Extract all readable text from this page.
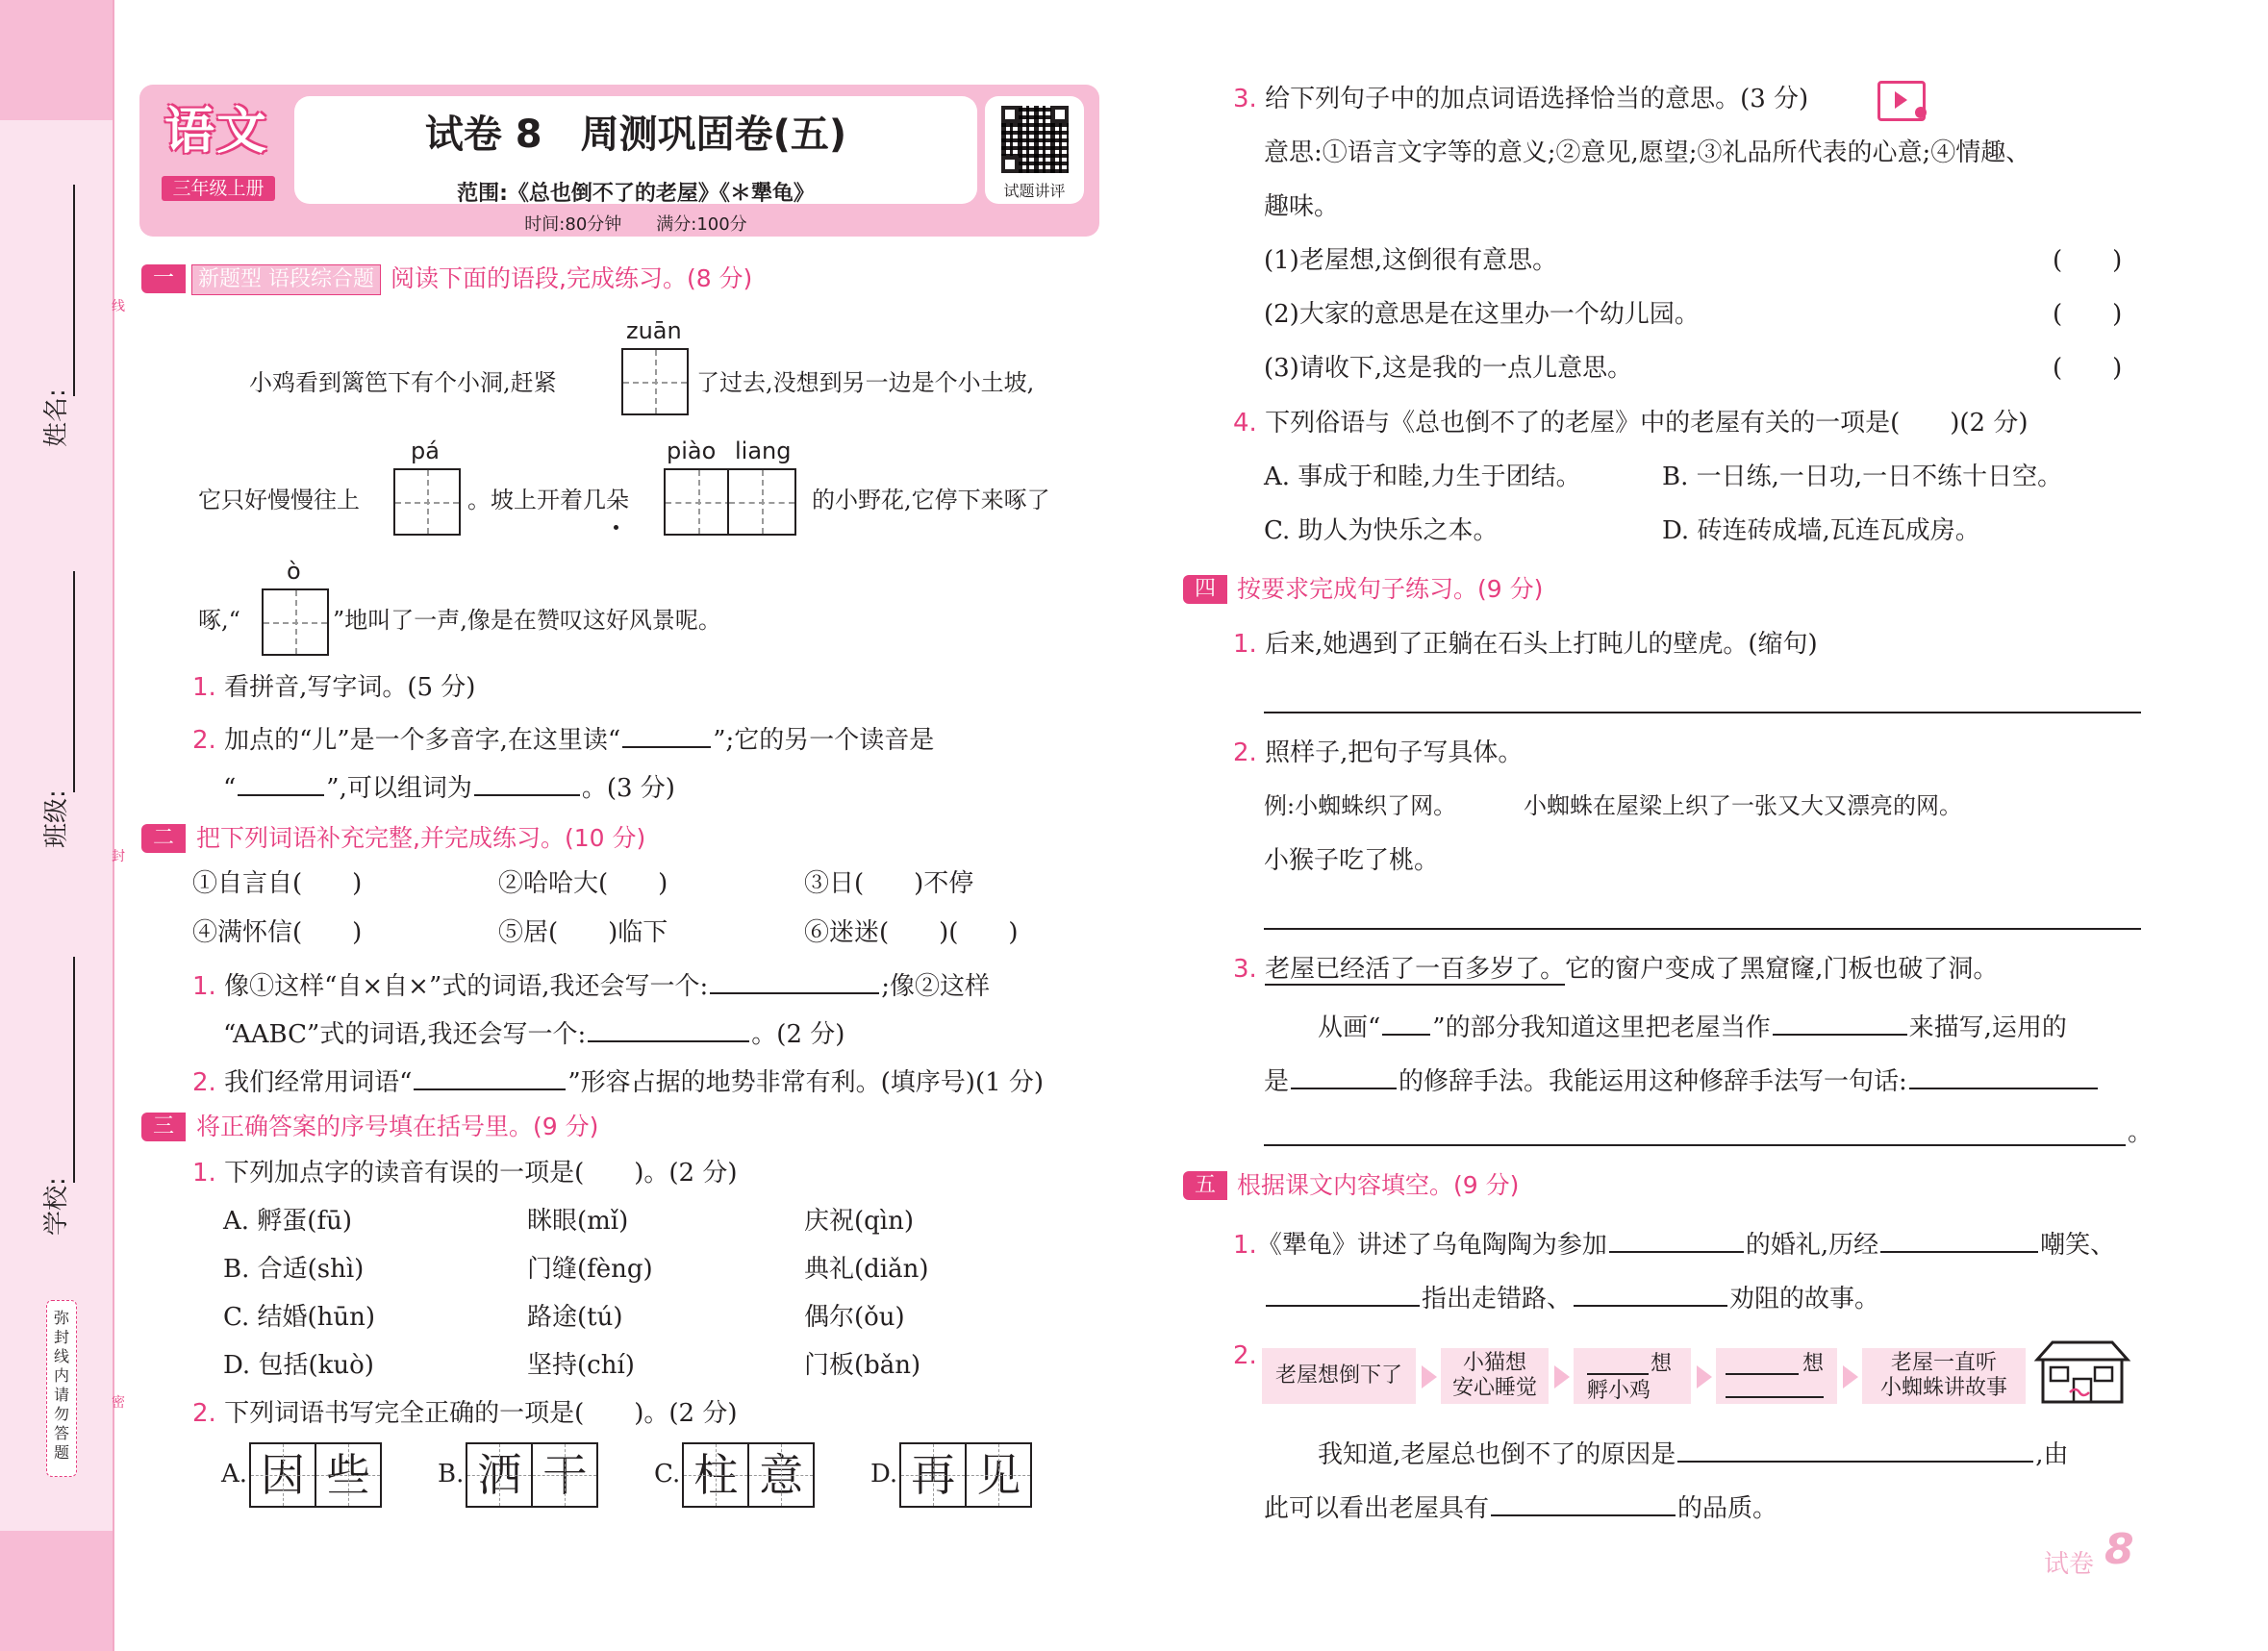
姓名:
班级:
学校:
线
封
密
弥封线内请勿答题
语文
三年级上册
试卷 8　周测巩固卷(五)
范围:《总也倒不了的老屋》《＊犟龟》
时间:80分钟　　满分:100分
试题讲评
一	新题型 语段综合题 阅读下面的语段,完成练习。(8 分)
zuān
小鸡看到篱笆下有个小洞,赶紧	了过去,没想到另一边是个小土坡,
pá	piào liang
它只好慢慢往上	。坡上开着几朵	的小野花,它停下来啄了
ò
啄,“	”地叫了一声,像是在赞叹这好风景呢。
1. 看拼音,写字词。(5 分)
2. 加点的“儿”是一个多音字,在这里读“	”;它的另一个读音是
“	”,可以组词为	。(3 分)
二 把下列词语补充完整,并完成练习。(10 分)
①自言自(　　)	②哈哈大(　　)	③日(　　)不停
④满怀信(　　)	⑤居(　　)临下	⑥迷迷(　　)(　　)
1. 像①这样“自×自×”式的词语,我还会写一个:	;像②这样
“AABC”式的词语,我还会写一个:	。(2 分)
2. 我们经常用词语“	”形容占据的地势非常有利。(填序号)(1 分)
三 将正确答案的序号填在括号里。(9 分)
1. 下列加点字的读音有误的一项是(　　)。(2 分)
A. 孵蛋(fū)	眯眼(mǐ)	庆祝(qìn)
B. 合适(shì)	门缝(fèng)	典礼(diǎn)
C. 结婚(hūn)	路途(tú)	偶尔(ǒu)
D. 包括(kuò)	坚持(chí)	门板(bǎn)
2. 下列词语书写完全正确的一项是(　　)。(2 分)
A. 因 些	B. 洒 干	C. 柱 意	D. 再 见
3. 给下列句子中的加点词语选择恰当的意思。(3 分)
意思:①语言文字等的意义;②意见,愿望;③礼品所代表的心意;④情趣、
趣味。
(1)老屋想,这倒很有意思。	(　　)
(2)大家的意思是在这里办一个幼儿园。	(　　)
(3)请收下,这是我的一点儿意思。	(　　)
4. 下列俗语与《总也倒不了的老屋》中的老屋有关的一项是(　　)(2 分)
A. 事成于和睦,力生于团结。	B. 一日练,一日功,一日不练十日空。
C. 助人为快乐之本。	D. 砖连砖成墙,瓦连瓦成房。
四 按要求完成句子练习。(9 分)
1. 后来,她遇到了正躺在石头上打盹儿的壁虎。(缩句)
2. 照样子,把句子写具体。
例:小蜘蛛织了网。	小蜘蛛在屋梁上织了一张又大又漂亮的网。
小猴子吃了桃。
3. 老屋已经活了一百多岁了。它的窗户变成了黑窟窿,门板也破了洞。
从画“ ”的部分我知道这里把老屋当作	来描写,运用的
是	的修辞手法。我能运用这种修辞手法写一句话:
。
五 根据课文内容填空。(9 分)
1.《犟龟》讲述了乌龟陶陶为参加	的婚礼,历经	嘲笑、
指出走错路、	劝阻的故事。
2.
老屋想倒下了
小猫想
安心睡觉
想
孵小鸡
想	老屋一直听
小蜘蛛讲故事
我知道,老屋总也倒不了的原因是	,由
此可以看出老屋具有	的品质。
试卷 8
